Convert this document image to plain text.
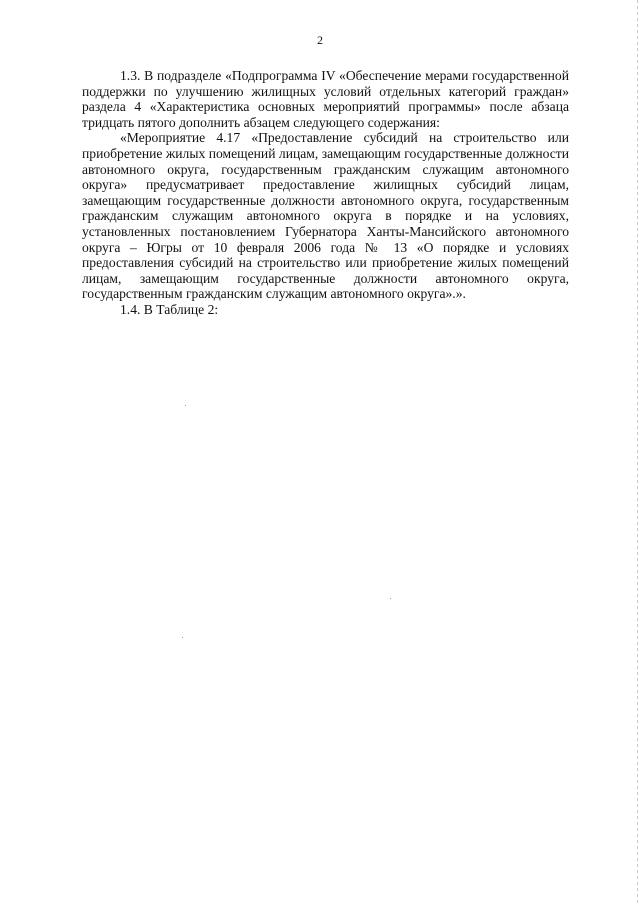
2

1.3. В подразделе «Подпрограмма IV «Обеспечение мерами государственной поддержки по улучшению жилищных условий отдельных категорий граждан» раздела 4 «Характеристика основных мероприятий программы» после абзаца тридцать пятого дополнить абзацем следующего содержания:

«Мероприятие 4.17 «Предоставление субсидий на строительство или приобретение жилых помещений лицам, замещающим государственные должности автономного округа, государственным гражданским служащим автономного округа» предусматривает предоставление жилищных субсидий лицам, замещающим государственные должности автономного округа, государственным гражданским служащим автономного округа в порядке и на условиях, установленных постановлением Губернатора Ханты-Мансийского автономного округа – Югры от 10 февраля 2006 года № 13 «О порядке и условиях предоставления субсидий на строительство или приобретение жилых помещений лицам, замещающим государственные должности автономного округа, государственным гражданским служащим автономного округа».».

1.4. В Таблице 2:
